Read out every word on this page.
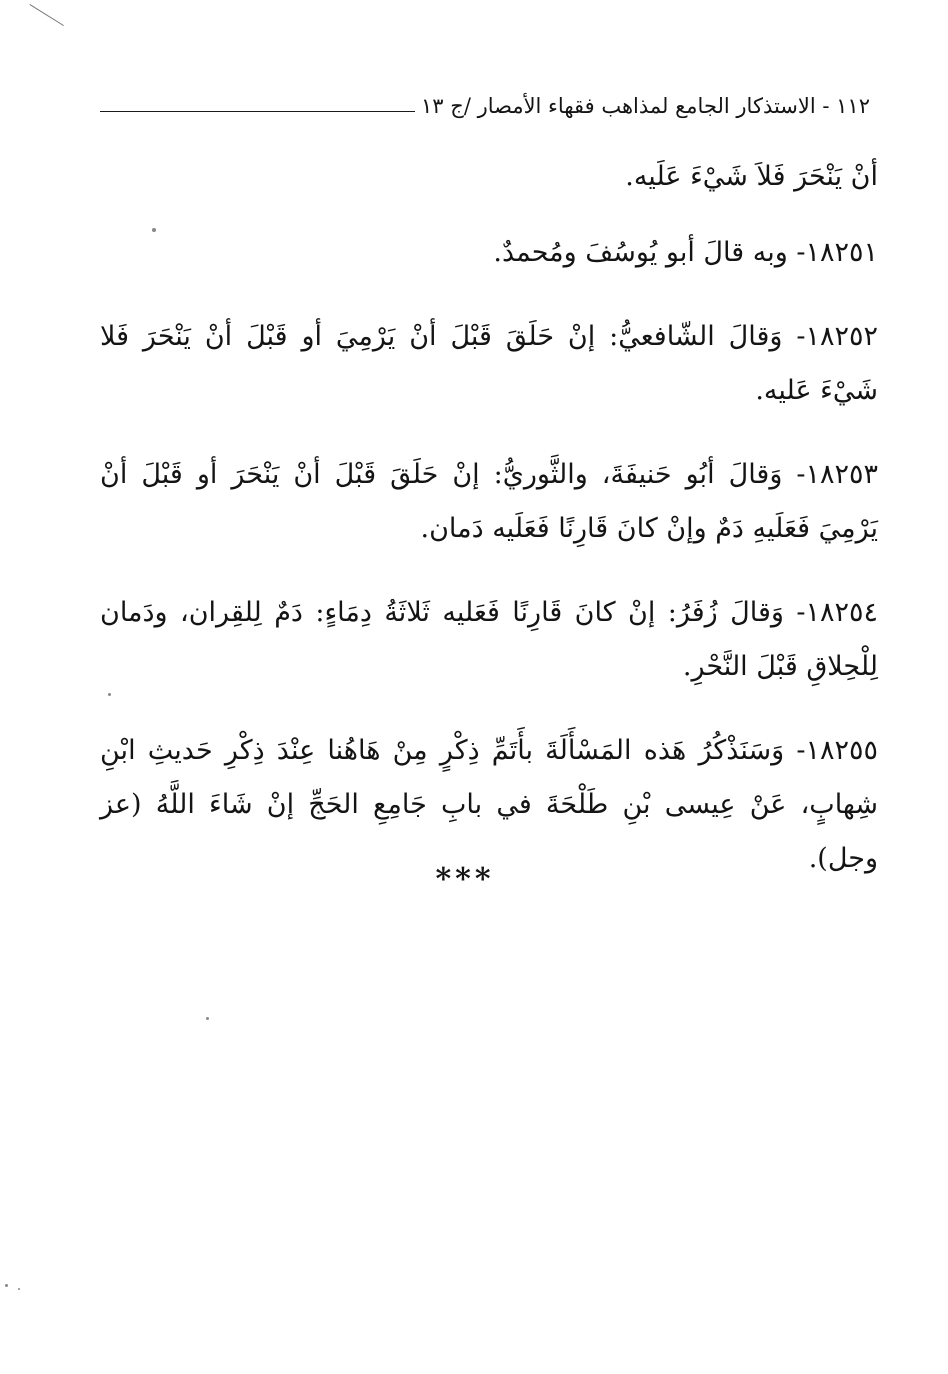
١١٢ - الاستذكار الجامع لمذاهب فقهاء الأمصار /ج ١٣

أنْ يَنْحَرَ فَلاَ شَيْءَ عَلَيه.

١٨٢٥١- وبه قالَ أبو يُوسُفَ ومُحمدٌ.

١٨٢٥٢- وَقالَ الشّافعيُّ: إنْ حَلَقَ قَبْلَ أنْ يَرْمِيَ أو قَبْلَ أنْ يَنْحَرَ فَلا شَيْءَ عَليه.

١٨٢٥٣- وَقالَ أبُو حَنيفَةَ، والثَّوريُّ: إنْ حَلَقَ قَبْلَ أنْ يَنْحَرَ أو قَبْلَ أنْ يَرْمِيَ فَعَلَيهِ دَمٌ وإنْ كانَ قَارِنًا فَعَلَيه دَمان.

١٨٢٥٤- وَقالَ زُفَرُ: إنْ كانَ قَارِنًا فَعَليه ثَلاثَةُ دِمَاءٍ: دَمٌ لِلقِران، ودَمان لِلْحِلاقِ قَبْلَ النَّحْرِ.

١٨٢٥٥- وَسَنَذْكُرُ هَذه المَسْأَلَةَ بأَتَمِّ ذِكْرٍ مِنْ هَاهُنا عِنْدَ ذِكْرِ حَديثِ ابْنِ شِهابٍ، عَنْ عِيسى بْنِ طَلْحَةَ في بابِ جَامِعِ الحَجِّ إنْ شَاءَ اللَّهُ (عز وجل).

***
